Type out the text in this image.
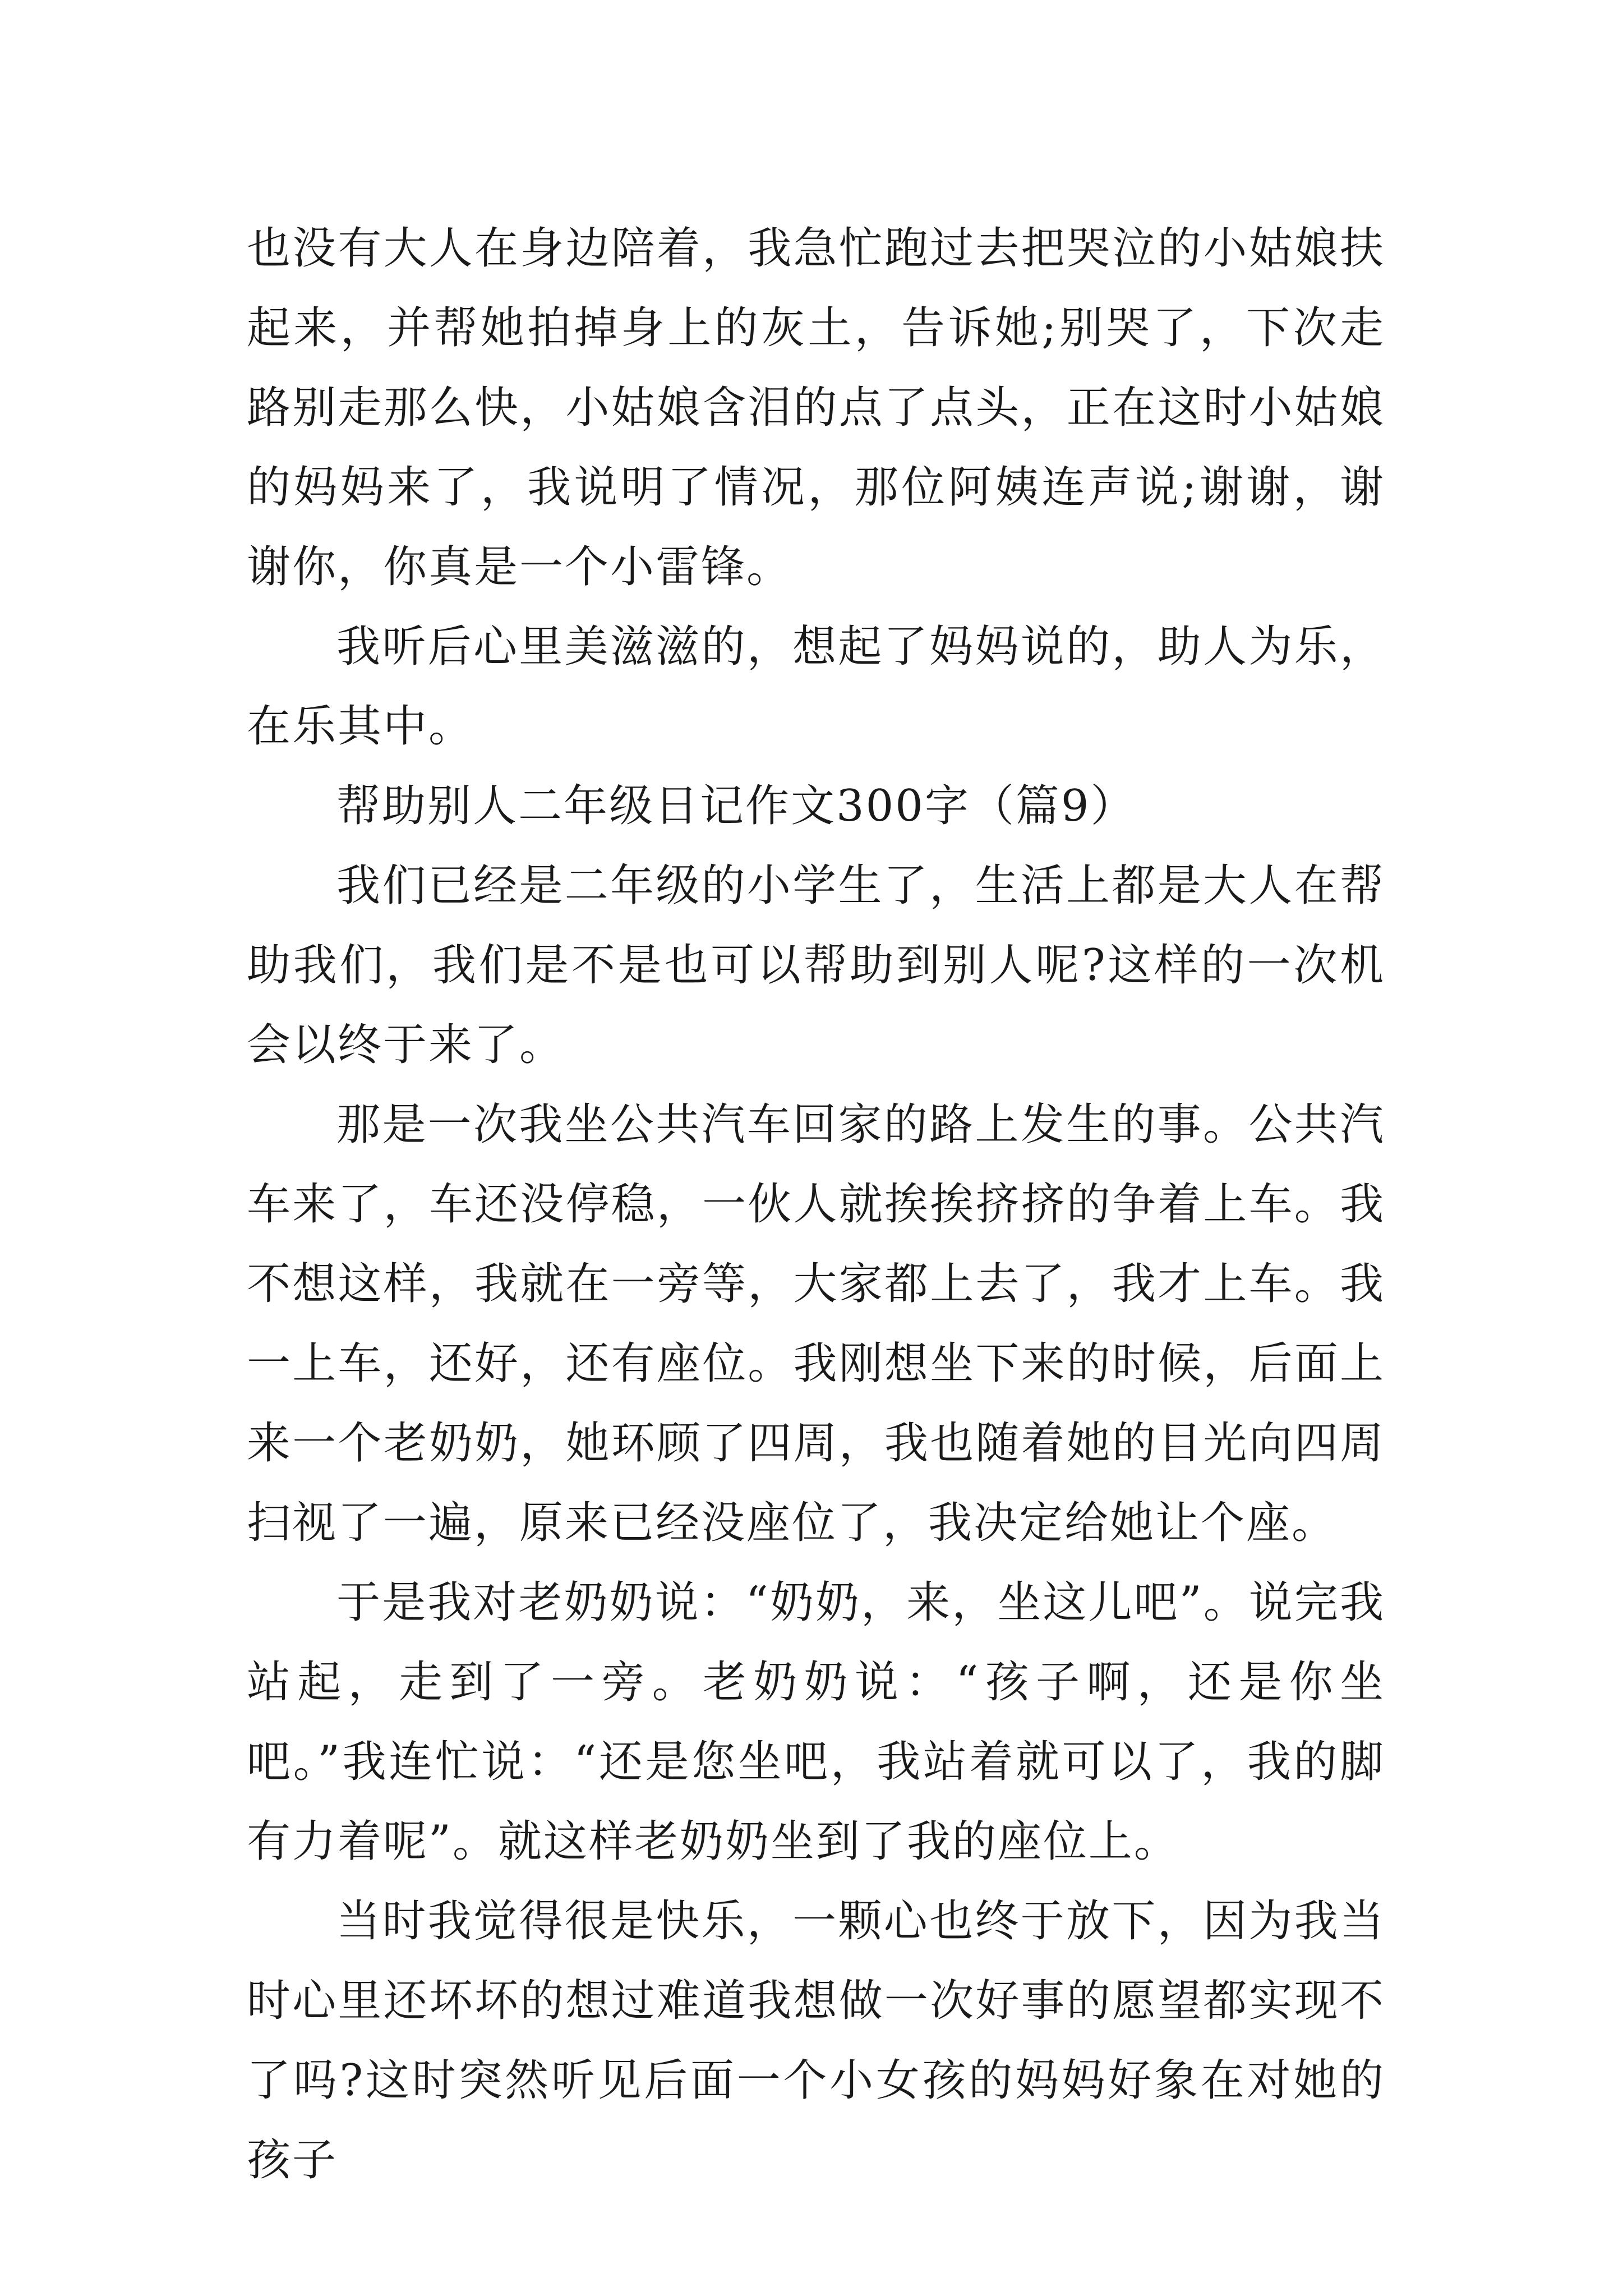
也没有大人在身边陪着，我急忙跑过去把哭泣的小姑娘扶起来，并帮她拍掉身上的灰土，告诉她;别哭了，下次走路别走那么快，小姑娘含泪的点了点头，正在这时小姑娘的妈妈来了，我说明了情况，那位阿姨连声说;谢谢，谢谢你，你真是一个小雷锋。

我听后心里美滋滋的，想起了妈妈说的，助人为乐，在乐其中。

帮助别人二年级日记作文300字（篇9）

我们已经是二年级的小学生了，生活上都是大人在帮助我们，我们是不是也可以帮助到别人呢?这样的一次机会以终于来了。

那是一次我坐公共汽车回家的路上发生的事。公共汽车来了，车还没停稳，一伙人就挨挨挤挤的争着上车。我不想这样，我就在一旁等，大家都上去了，我才上车。我一上车，还好，还有座位。我刚想坐下来的时候，后面上来一个老奶奶，她环顾了四周，我也随着她的目光向四周扫视了一遍，原来已经没座位了，我决定给她让个座。

于是我对老奶奶说：“奶奶，来，坐这儿吧”。说完我站起，走到了一旁。老奶奶说：“孩子啊，还是你坐吧。”我连忙说：“还是您坐吧，我站着就可以了，我的脚有力着呢”。就这样老奶奶坐到了我的座位上。

当时我觉得很是快乐，一颗心也终于放下，因为我当时心里还坏坏的想过难道我想做一次好事的愿望都实现不了吗?这时突然听见后面一个小女孩的妈妈好象在对她的孩子
